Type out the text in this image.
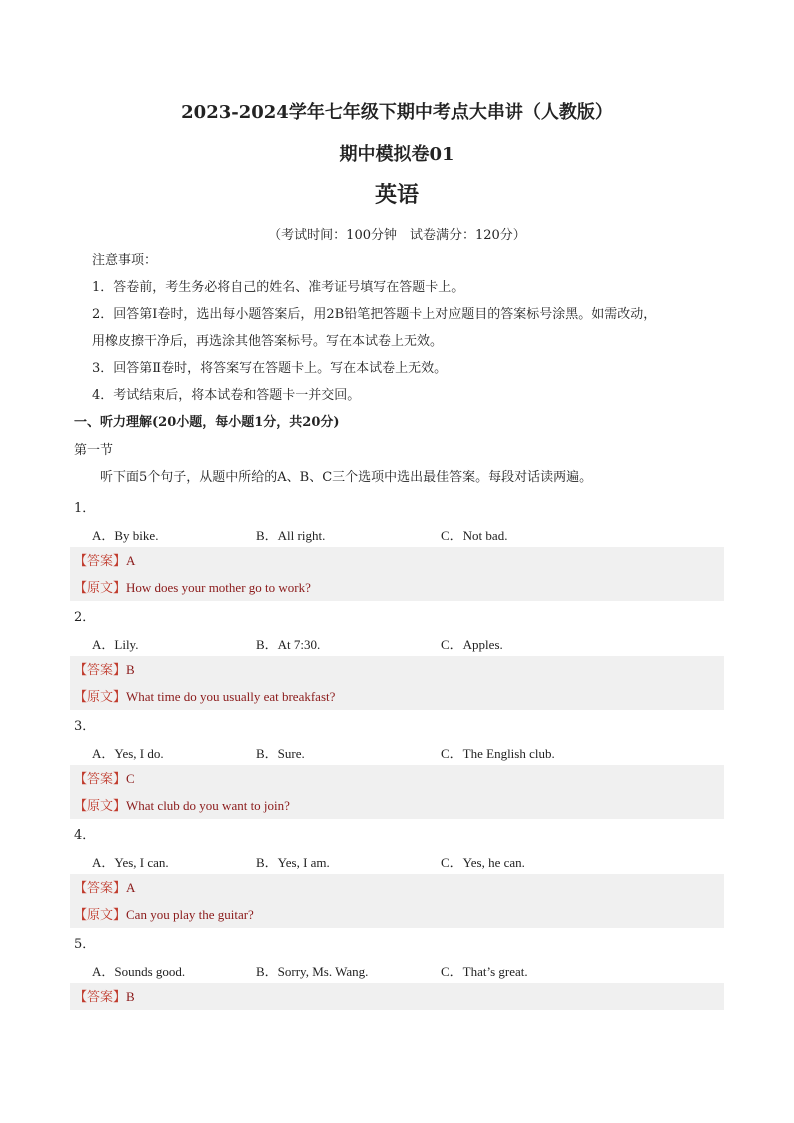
2023-2024学年七年级下期中考点大串讲（人教版）
期中模拟卷01
英语
（考试时间：100分钟　试卷满分：120分）
注意事项：
1．答卷前，考生务必将自己的姓名、准考证号填写在答题卡上。
2．回答第Ⅰ卷时，选出每小题答案后，用2B铅笔把答题卡上对应题目的答案标号涂黑。如需改动，
用橡皮擦干净后，再选涂其他答案标号。写在本试卷上无效。
3．回答第Ⅱ卷时，将答案写在答题卡上。写在本试卷上无效。
4．考试结束后，将本试卷和答题卡一并交回。
一、听力理解(20小题，每小题1分，共20分)
第一节
听下面5个句子，从题中所给的A、B、C三个选项中选出最佳答案。每段对话读两遍。
1．
A．By bike.	B．All right.	C．Not bad.
【答案】A
【原文】How does your mother go to work?
2．
A．Lily.	B．At 7:30.	C．Apples.
【答案】B
【原文】What time do you usually eat breakfast?
3．
A．Yes, I do.	B．Sure.	C．The English club.
【答案】C
【原文】What club do you want to join?
4．
A．Yes, I can.	B．Yes, I am.	C．Yes, he can.
【答案】A
【原文】Can you play the guitar?
5．
A．Sounds good.	B．Sorry, Ms. Wang.	C．That’s great.
【答案】B
